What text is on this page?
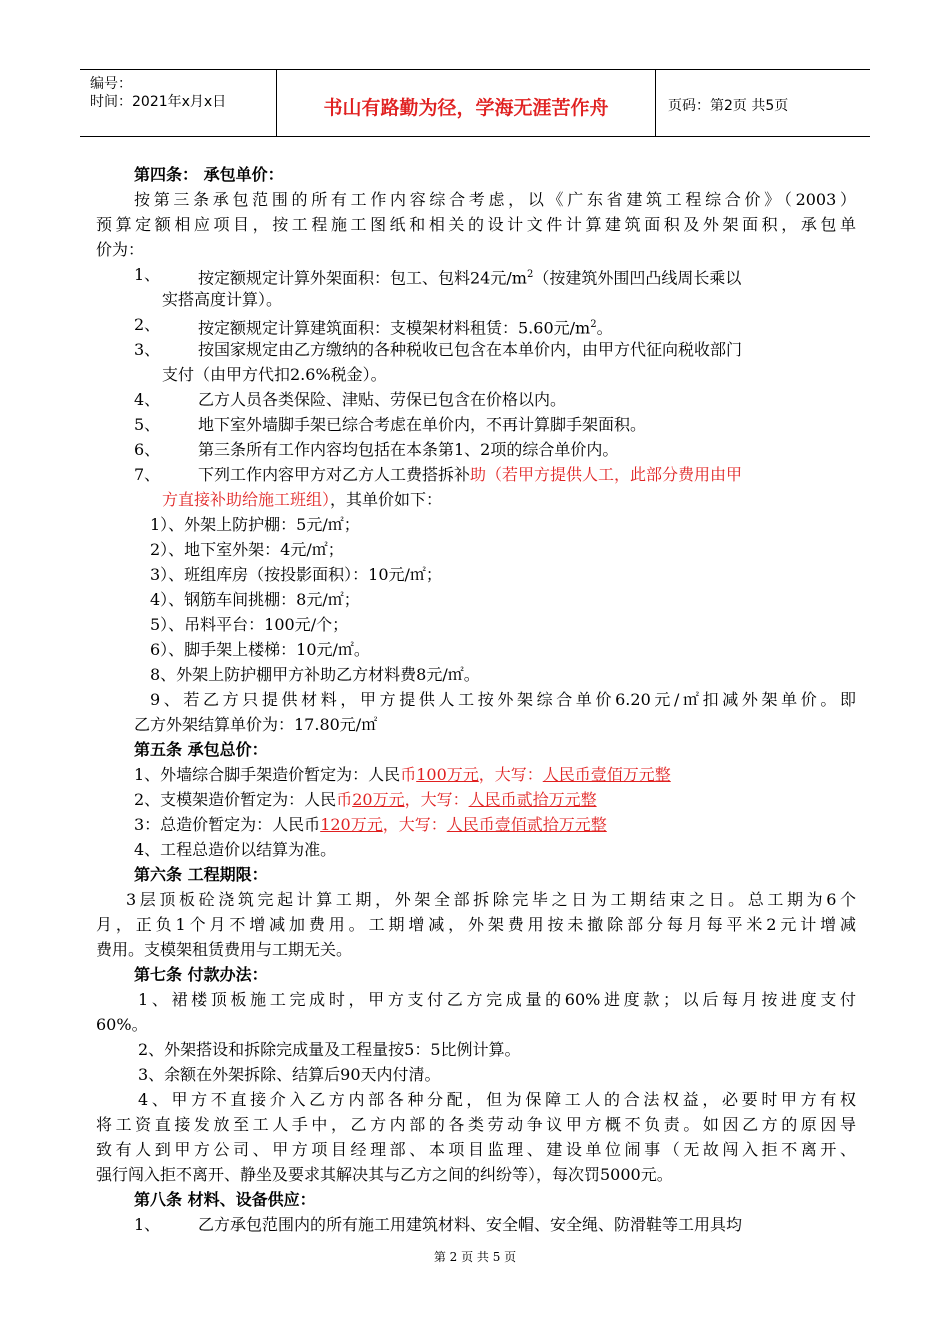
编号：
时间：2021年x月x日	书山有路勤为径，学海无涯苦作舟	页码：第2页 共5页
第四条： 承包单价：
按第三条承包范围的所有工作内容综合考虑，以《广东省建筑工程综合价》（2003）
预算定额相应项目，按工程施工图纸和相关的设计文件计算建筑面积及外架面积，承包单
价为：
1、 按定额规定计算外架面积：包工、包料24元$/m^2$（按建筑外围凹凸线周长乘以
实搭高度计算）。
2、 按定额规定计算建筑面积：支模架材料租赁：5.60元$/m^2$。
3、 按国家规定由乙方缴纳的各种税收已包含在本单价内，由甲方代征向税收部门
支付（由甲方代扣2.6%税金）。
4、 乙方人员各类保险、津贴、劳保已包含在价格以内。
5、 地下室外墙脚手架已综合考虑在单价内，不再计算脚手架面积。
6、 第三条所有工作内容均包括在本条第1、2项的综合单价内。
7、 下列工作内容甲方对乙方人工费搭拆补助（若甲方提供人工，此部分费用由甲
方直接补助给施工班组），其单价如下：
1）、外架上防护棚：5元/㎡；
2）、地下室外架：4元/㎡；
3）、班组库房（按投影面积）：10元/㎡；
4）、钢筋车间挑棚：8元/㎡；
5）、吊料平台：100元/个；
6）、脚手架上楼梯：10元/㎡。
8、外架上防护棚甲方补助乙方材料费8元/㎡。
9、若乙方只提供材料，甲方提供人工按外架综合单价6.20元/㎡扣减外架单价。即
乙方外架结算单价为：17.80元/㎡
第五条 承包总价：
1、外墙综合脚手架造价暂定为：人民币100万元，大写：人民币壹佰万元整
2、支模架造价暂定为：人民币20万元，大写：人民币贰拾万元整
3：总造价暂定为：人民币120万元，大写：人民币壹佰贰拾万元整
4、工程总造价以结算为准。
第六条 工程期限：
3层顶板砼浇筑完起计算工期，外架全部拆除完毕之日为工期结束之日。总工期为6个
月，正负1个月不增减加费用。工期增减，外架费用按未撤除部分每月每平米2元计增减
费用。支模架租赁费用与工期无关。
第七条 付款办法：
1、裙楼顶板施工完成时，甲方支付乙方完成量的60%进度款；以后每月按进度支付
60%。
2、外架搭设和拆除完成量及工程量按5：5比例计算。
3、余额在外架拆除、结算后90天内付清。
4、甲方不直接介入乙方内部各种分配，但为保障工人的合法权益，必要时甲方有权
将工资直接发放至工人手中，乙方内部的各类劳动争议甲方概不负责。如因乙方的原因导
致有人到甲方公司、甲方项目经理部、本项目监理、建设单位闹事（无故闯入拒不离开、
强行闯入拒不离开、静坐及要求其解决其与乙方之间的纠纷等），每次罚5000元。
第八条 材料、设备供应：
1、 乙方承包范围内的所有施工用建筑材料、安全帽、安全绳、防滑鞋等工用具均
第 2 页 共 5 页
